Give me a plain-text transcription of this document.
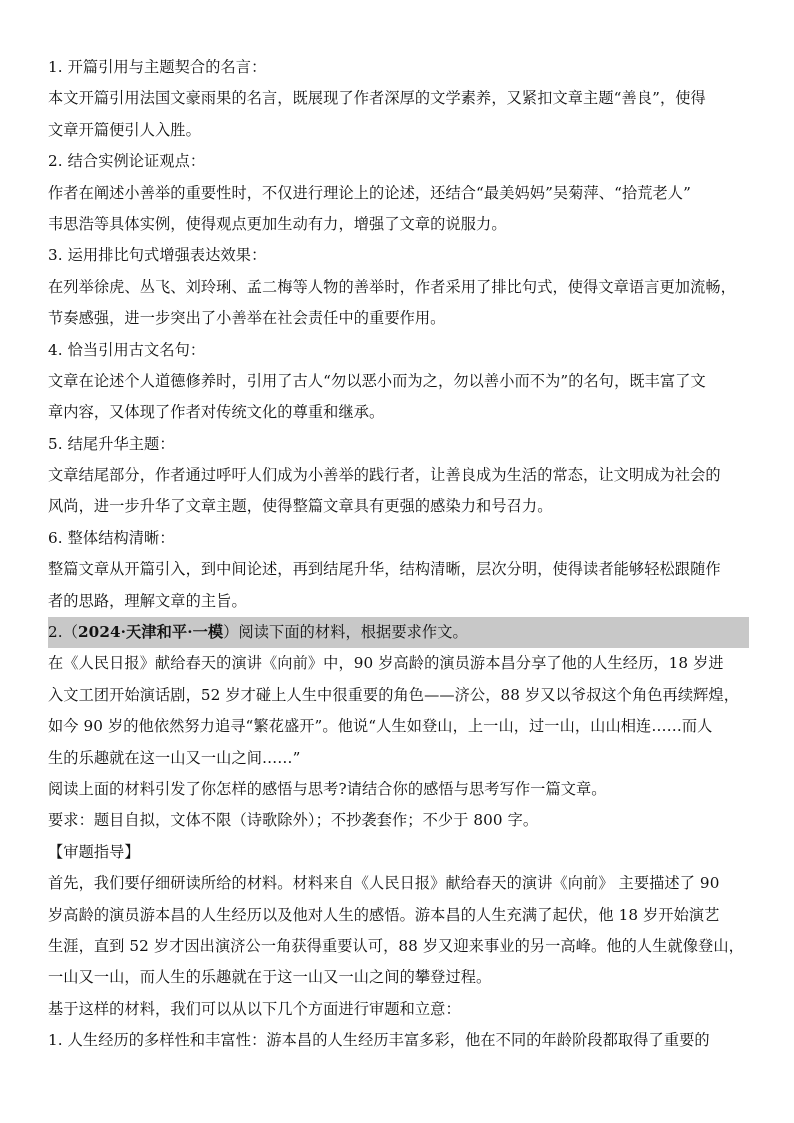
1. 开篇引用与主题契合的名言：
本文开篇引用法国文豪雨果的名言，既展现了作者深厚的文学素养，又紧扣文章主题“善良”，使得
文章开篇便引人入胜。
2. 结合实例论证观点：
作者在阐述小善举的重要性时，不仅进行理论上的论述，还结合“最美妈妈”吴菊萍、“拾荒老人”
韦思浩等具体实例，使得观点更加生动有力，增强了文章的说服力。
3. 运用排比句式增强表达效果：
在列举徐虎、丛飞、刘玲琍、孟二梅等人物的善举时，作者采用了排比句式，使得文章语言更加流畅，
节奏感强，进一步突出了小善举在社会责任中的重要作用。
4. 恰当引用古文名句：
文章在论述个人道德修养时，引用了古人“勿以恶小而为之，勿以善小而不为”的名句，既丰富了文
章内容，又体现了作者对传统文化的尊重和继承。
5. 结尾升华主题：
文章结尾部分，作者通过呼吁人们成为小善举的践行者，让善良成为生活的常态，让文明成为社会的
风尚，进一步升华了文章主题，使得整篇文章具有更强的感染力和号召力。
6. 整体结构清晰：
整篇文章从开篇引入，到中间论述，再到结尾升华，结构清晰，层次分明，使得读者能够轻松跟随作
者的思路，理解文章的主旨。
2.（2024·天津和平·一模）阅读下面的材料，根据要求作文。
在《人民日报》献给春天的演讲《向前》中，90 岁高龄的演员游本昌分享了他的人生经历，18 岁进
入文工团开始演话剧，52 岁才碰上人生中很重要的角色——济公，88 岁又以爷叔这个角色再续辉煌，
如今 90 岁的他依然努力追寻“繁花盛开”。他说“人生如登山，上一山，过一山，山山相连……而人
生的乐趣就在这一山又一山之间……”
阅读上面的材料引发了你怎样的感悟与思考?请结合你的感悟与思考写作一篇文章。
要求：题目自拟，文体不限（诗歌除外）；不抄袭套作；不少于 800 字。
【审题指导】
首先，我们要仔细研读所给的材料。材料来自《人民日报》献给春天的演讲《向前》 主要描述了 90
岁高龄的演员游本昌的人生经历以及他对人生的感悟。游本昌的人生充满了起伏，他 18 岁开始演艺
生涯，直到 52 岁才因出演济公一角获得重要认可，88 岁又迎来事业的另一高峰。他的人生就像登山，
一山又一山，而人生的乐趣就在于这一山又一山之间的攀登过程。
基于这样的材料，我们可以从以下几个方面进行审题和立意：
1. 人生经历的多样性和丰富性：游本昌的人生经历丰富多彩，他在不同的年龄阶段都取得了重要的
